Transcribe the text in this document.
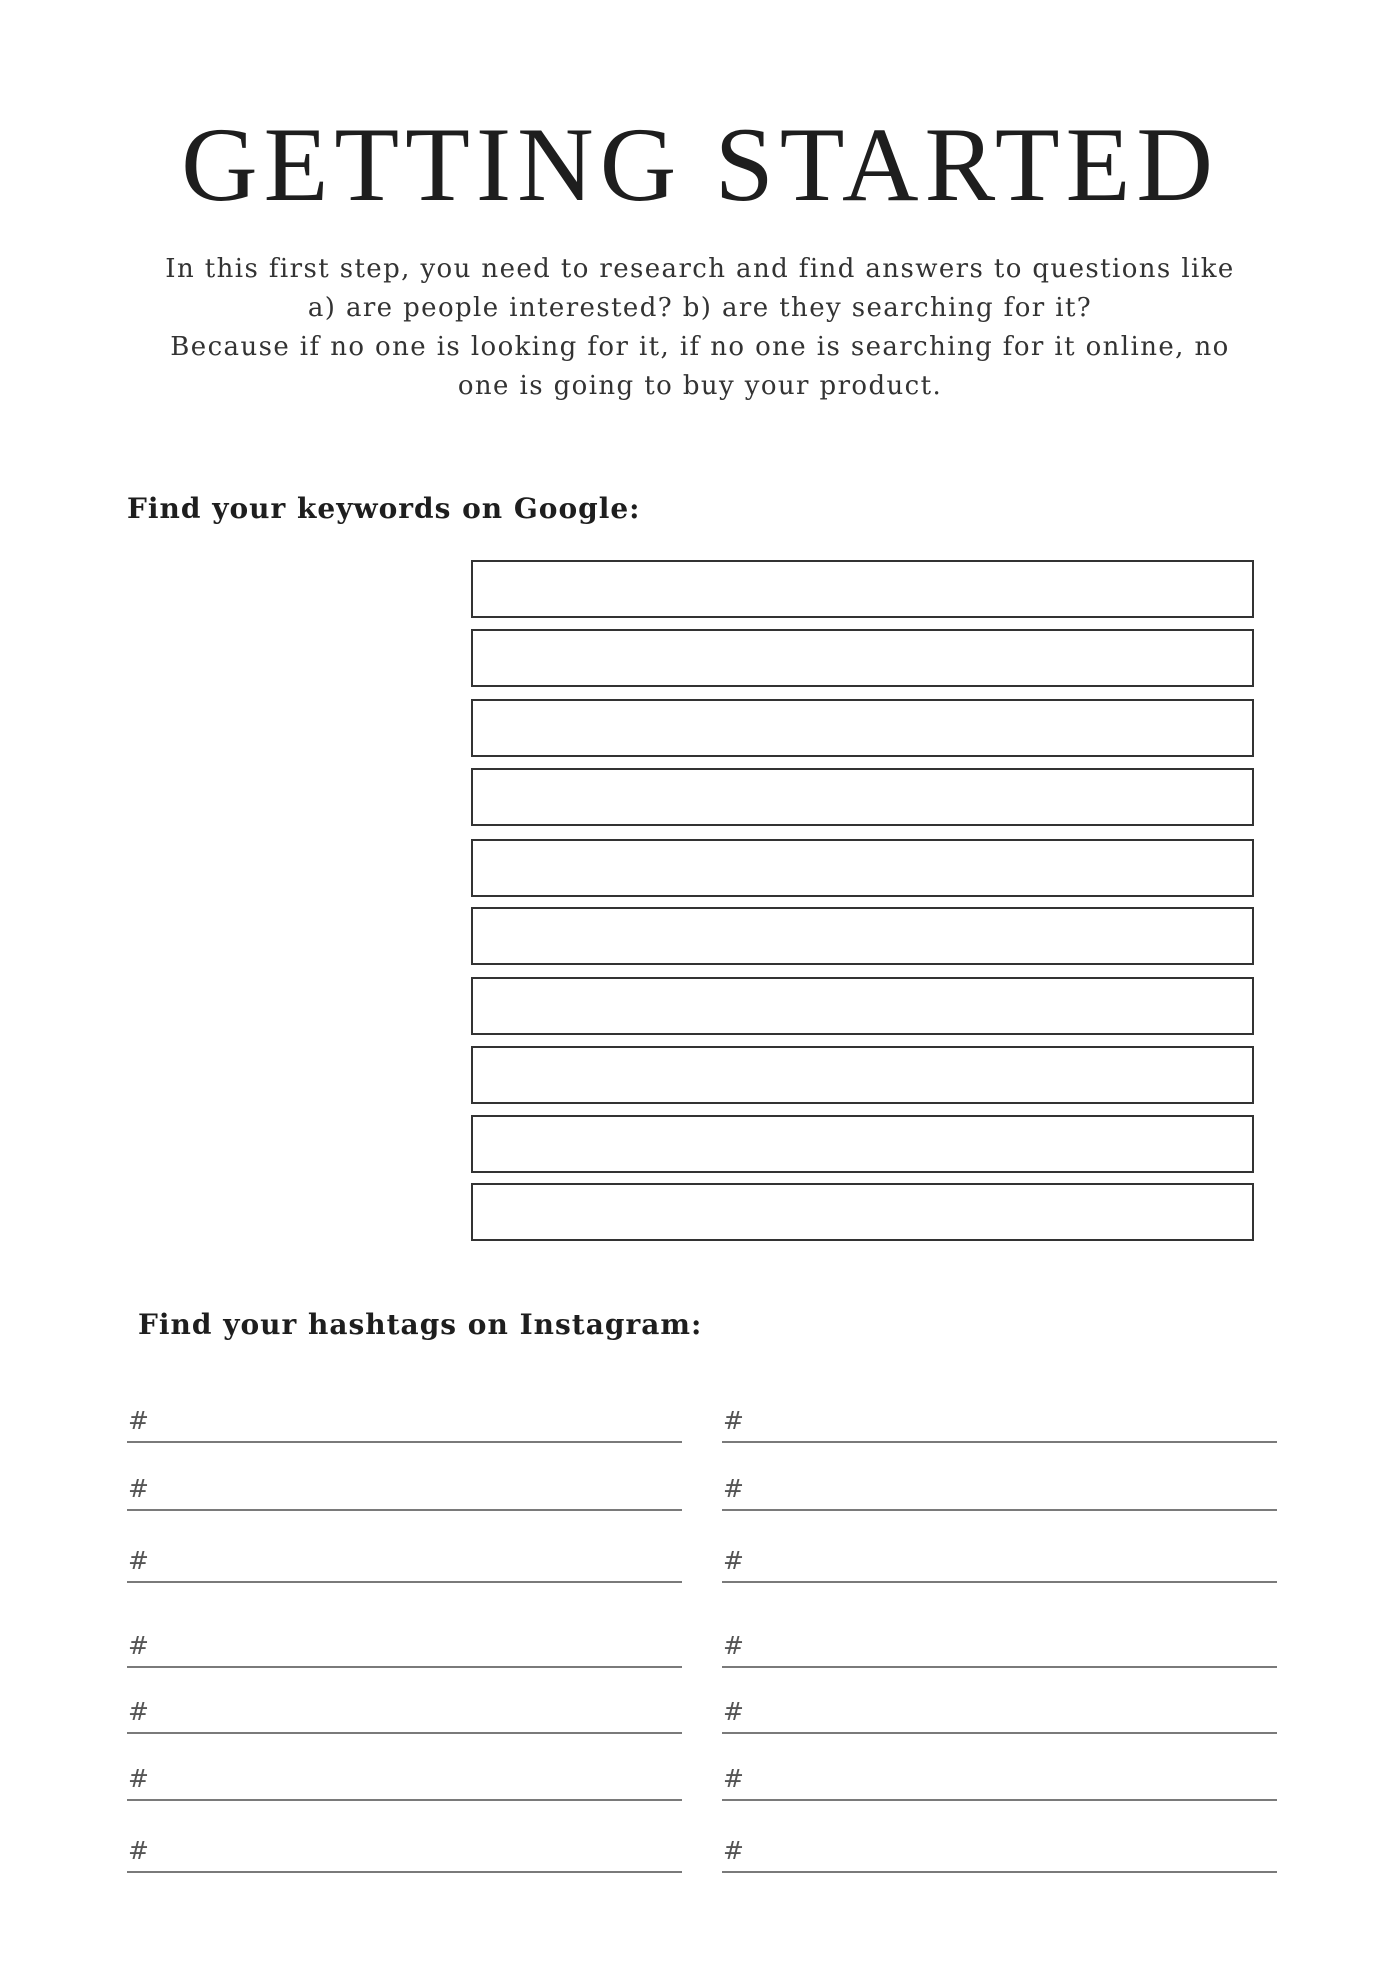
GETTING STARTED
In this first step, you need to research and find answers to questions like
a) are people interested? b) are they searching for it?
Because if no one is looking for it, if no one is searching for it online, no
one is going to buy your product.
Find your keywords on Google:
Find your hashtags on Instagram:
#
#
#
#
#
#
#
#
#
#
#
#
#
#
